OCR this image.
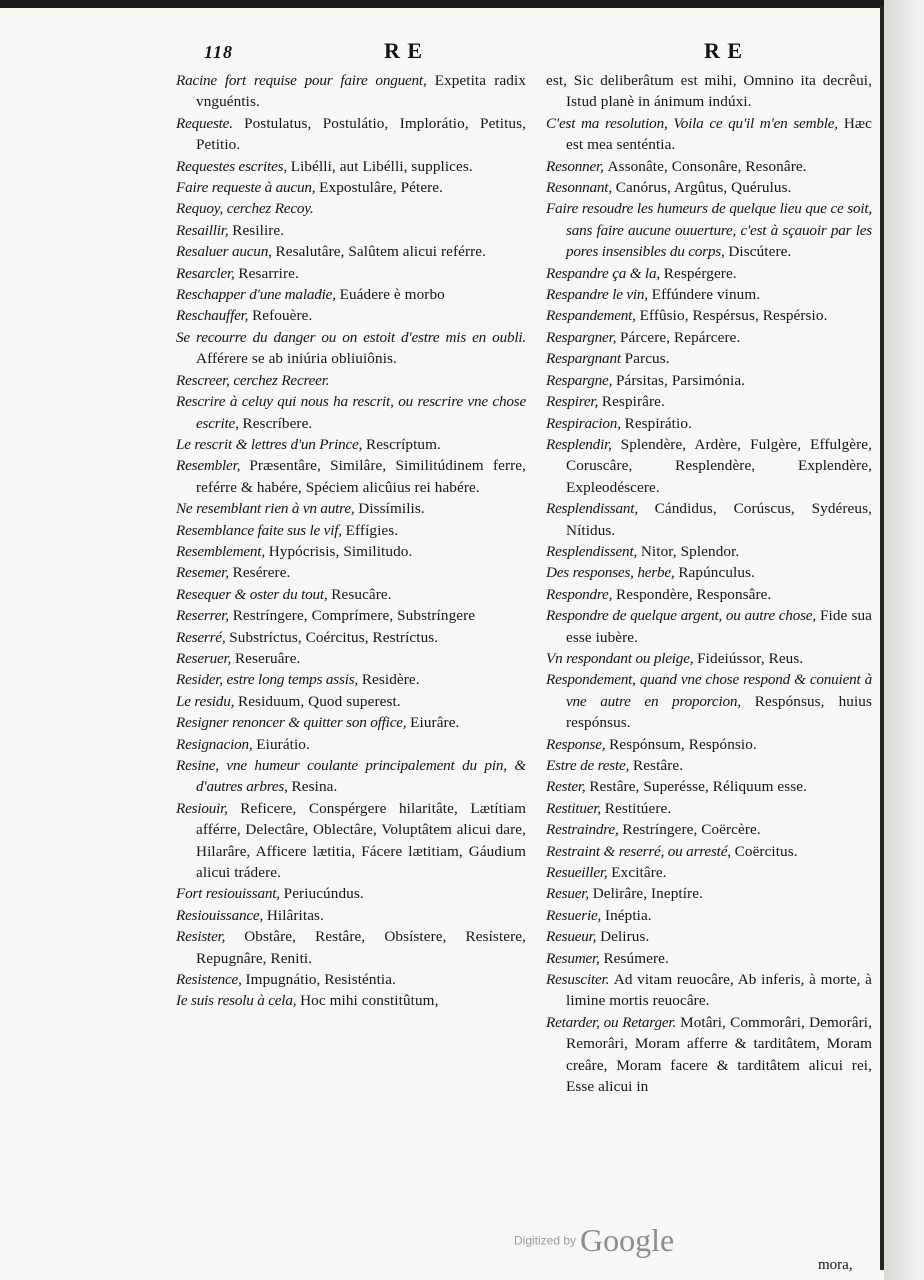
118	R E	R E
Racine fort requise pour faire onguent, Expetita radix vnguéntis.
Requeste. Postulatus, Postulátio, Implorátio, Petitus, Petitio.
Requestes escrites, Libélli, aut Libélli, supplices.
Faire requeste à aucun, Expostulâre, Pétere.
Requoy, cerchez Recoy.
Resaillir, Resilire.
Resaluer aucun, Resalutâre, Salûtem alicui reférre.
Resarcler, Resarrire.
Reschapper d'une maladie, Euádere è morbo
Reschauffer, Refouère.
Se recourre du danger ou on estoit d'estre mis en oubli. Afférere se ab iniúria obliuiônis.
Rescreer, cerchez Recreer.
Rescrire à celuy qui nous ha rescrit, ou rescrire vne chose escrite, Rescríbere.
Le rescrit & lettres d'un Prince, Rescríptum.
Resembler, Præsentâre, Similâre, Similitúdinem ferre, reférre & habére, Spéciem alicûius rei habére.
Ne resemblant rien à vn autre, Dissímilis.
Resemblance faite sus le vif, Effígies.
Resemblement, Hypócrisis, Similitudo.
Resemer, Resérere.
Resequer & oster du tout, Resucâre.
Reserrer, Restríngere, Comprímere, Substríngere
Reserré, Substríctus, Coércitus, Restríctus.
Reseruer, Reseruâre.
Resider, estre long temps assis, Residère.
Le residu, Residuum, Quod superest.
Resigner renoncer & quitter son office, Eiurâre.
Resignacion, Eiurátio.
Resine, vne humeur coulante principalement du pin, & d'autres arbres, Resina.
Resiouir, Reficere, Conspérgere hilaritâte, Lætítiam afférre, Delectâre, Oblectâre, Voluptâtem alicui dare, Hilarâre, Afficere lætitia, Fácere lætitiam, Gáudium alicui trádere.
Fort resiouissant, Periucúndus.
Resiouissance, Hilâritas.
Resister, Obstâre, Restâre, Obsístere, Resístere, Repugnâre, Reniti.
Resistence, Impugnátio, Resisténtia.
Ie suis resolu à cela, Hoc mihi constitûtum,
est, Sic deliberâtum est mihi, Omnino ita decrêui, Istud planè in ánimum indúxi.
C'est ma resolution, Voila ce qu'il m'en semble, Hæc est mea senténtia.
Resonner, Assonâte, Consonâre, Resonâre.
Resonnant, Canórus, Argûtus, Quérulus.
Faire resoudre les humeurs de quelque lieu que ce soit, sans faire aucune ouuerture, c'est à sçauoir par les pores insensibles du corps, Discútere.
Respandre ça & la, Respérgere.
Respandre le vin, Effúndere vinum.
Respandement, Effûsio, Respérsus, Respérsio.
Respargner, Párcere, Repárcere.
Respargnant Parcus.
Respargne, Pársitas, Parsimónia.
Respirer, Respirâre.
Respiracion, Respirátio.
Resplendir, Splendère, Ardère, Fulgère, Effulgère, Coruscâre, Resplendère, Explendère, Expleodéscere.
Resplendissant, Cándidus, Corúscus, Sydéreus, Nítidus.
Resplendissent, Nitor, Splendor.
Des responses, herbe, Rapúnculus.
Respondre, Respondère, Responsâre.
Respondre de quelque argent, ou autre chose, Fide sua esse iubère.
Vn respondant ou pleige, Fideiússor, Reus.
Respondement, quand vne chose respond & conuient à vne autre en proporcion, Respónsus, huius respónsus.
Response, Respónsum, Respónsio.
Estre de reste, Restâre.
Rester, Restâre, Superésse, Réliquum esse.
Restituer, Restitúere.
Restraindre, Restríngere, Coërcère.
Restraint & reserré, ou arresté, Coërcitus.
Resueiller, Excitâre.
Resuer, Delirâre, Ineptíre.
Resuerie, Inéptia.
Resueur, Delirus.
Resumer, Resúmere.
Resusciter. Ad vitam reuocâre, Ab inferis, à morte, à limine mortis reuocâre.
Retarder, ou Retarger. Motâri, Commorâri, Demorâri, Remorâri, Moram afferre & tarditâtem, Moram creâre, Moram facere & tarditâtem alicui rei, Esse alicui in
mora,
Digitized by Google
